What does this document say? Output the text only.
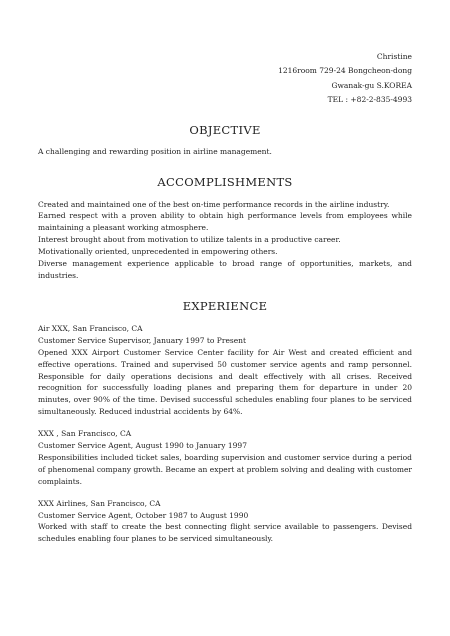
Christine
1216room 729-24 Bongcheon-dong
Gwanak-gu S.KOREA
TEL : +82-2-835-4993
OBJECTIVE

A challenging and rewarding position in airline management.

ACCOMPLISHMENTS
Created and maintained one of the best on-time performance records in the airline industry.
Earned respect with a proven ability to obtain high performance levels from employees while maintaining a pleasant working atmosphere.
Interest brought about from motivation to utilize talents in a productive career.
Motivationally oriented, unprecedented in empowering others.
Diverse management experience applicable to broad range of opportunities, markets, and industries.
EXPERIENCE
Air XXX, San Francisco, CA
Customer Service Supervisor, January 1997 to Present
Opened XXX Airport Customer Service Center facility for Air West and created efficient and effective operations. Trained and supervised 50 customer service agents and ramp personnel. Responsible for daily operations decisions and dealt effectively with all crises. Received recognition for successfully loading planes and preparing them for departure in under 20 minutes, over 90% of the time. Devised successful schedules enabling four planes to be serviced simultaneously. Reduced industrial accidents by 64%.
XXX , San Francisco, CA
Customer Service Agent, August 1990 to January 1997
Responsibilities included ticket sales, boarding supervision and customer service during a period of phenomenal company growth. Became an expert at problem solving and dealing with customer complaints.
XXX Airlines, San Francisco, CA
Customer Service Agent, October 1987 to August 1990
Worked with staff to create the best connecting flight service available to passengers. Devised schedules enabling four planes to be serviced simultaneously.
